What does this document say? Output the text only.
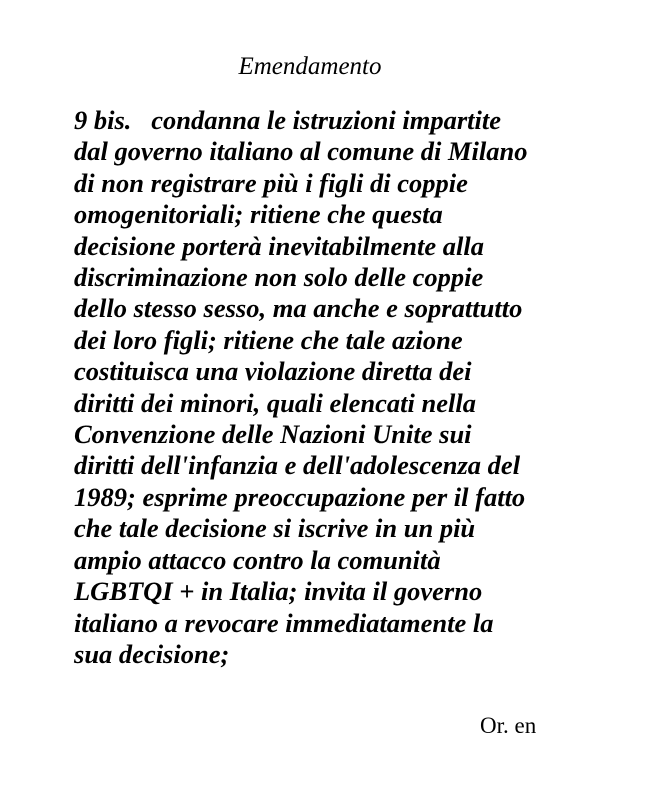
Emendamento
9 bis.   condanna le istruzioni impartite
dal governo italiano al comune di Milano
di non registrare più i figli di coppie
omogenitoriali; ritiene che questa
decisione porterà inevitabilmente alla
discriminazione non solo delle coppie
dello stesso sesso, ma anche e soprattutto
dei loro figli; ritiene che tale azione
costituisca una violazione diretta dei
diritti dei minori, quali elencati nella
Convenzione delle Nazioni Unite sui
diritti dell'infanzia e dell'adolescenza del
1989; esprime preoccupazione per il fatto
che tale decisione si iscrive in un più
ampio attacco contro la comunità
LGBTQI + in Italia; invita il governo
italiano a revocare immediatamente la
sua decisione;
Or. en
